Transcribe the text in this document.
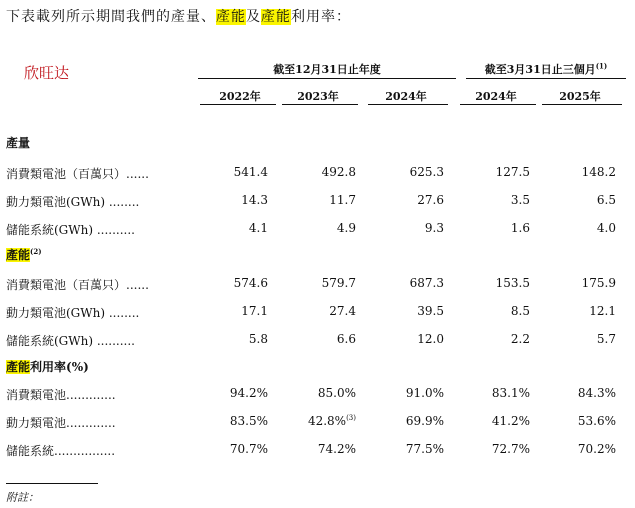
下表載列所示期間我們的產量、產能及產能利用率：
欣旺达	截至12月31日止年度	截至3月31日止三個月$^{(1)}$
2022年	2023年	2024年	2024年	2025年
產量
消費類電池（百萬只）......	541.4	492.8	625.3	127.5	148.2
動力類電池(GWh) ........	14.3	11.7	27.6	3.5	6.5
儲能系統(GWh) ..........	4.1	4.9	9.3	1.6	4.0
產能$^{(2)}$
消費類電池（百萬只）......	574.6	579.7	687.3	153.5	175.9
動力類電池(GWh) ........	17.1	27.4	39.5	8.5	12.1
儲能系統(GWh) ..........	5.8	6.6	12.0	2.2	5.7
產能利用率(%)
消費類電池.............	94.2%	85.0%	91.0%	83.1%	84.3%
動力類電池.............	83.5%	42.8%$^{(3)}$	69.9%	41.2%	53.6%
儲能系統................	70.7%	74.2%	77.5%	72.7%	70.2%
附註：
